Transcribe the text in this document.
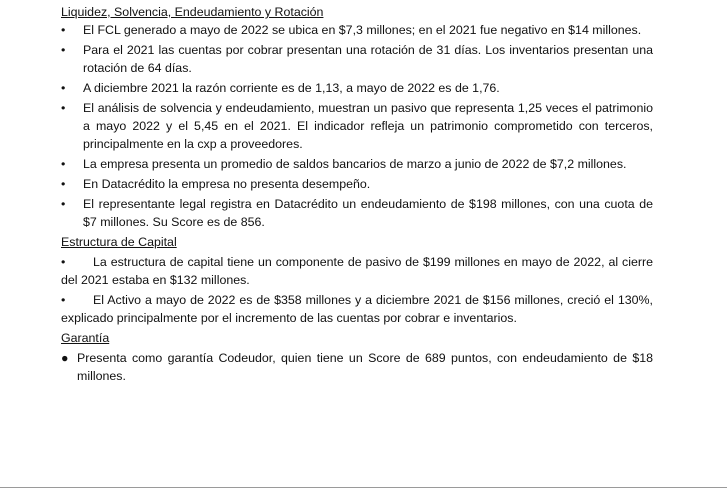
Liquidez, Solvencia, Endeudamiento y Rotación
•	El FCL generado a mayo de 2022 se ubica en $7,3 millones; en el 2021 fue negativo en $14 millones.
•	Para el 2021 las cuentas por cobrar presentan una rotación de 31 días. Los inventarios presentan una rotación de 64 días.
•	A diciembre 2021 la razón corriente es de 1,13, a mayo de 2022 es de 1,76.
•	El análisis de solvencia y endeudamiento, muestran un pasivo que representa 1,25 veces el patrimonio a mayo 2022 y el 5,45 en el 2021. El indicador refleja un patrimonio comprometido con terceros, principalmente en la cxp a proveedores.
•	La empresa presenta un promedio de saldos bancarios de marzo a junio de 2022 de $7,2 millones.
•	En Datacrédito la empresa no presenta desempeño.
•	El representante legal registra en Datacrédito un endeudamiento de $198 millones, con una cuota de $7 millones. Su Score es de 856.
Estructura de Capital
•	La estructura de capital tiene un componente de pasivo de $199 millones en mayo de 2022, al cierre del 2021 estaba en $132 millones.
•	El Activo a mayo de 2022 es de $358 millones y a diciembre 2021 de $156 millones, creció el 130%, explicado principalmente por el incremento de las cuentas por cobrar e inventarios.
Garantía
● Presenta como garantía Codeudor, quien tiene un Score de 689 puntos, con endeudamiento de $18 millones.
